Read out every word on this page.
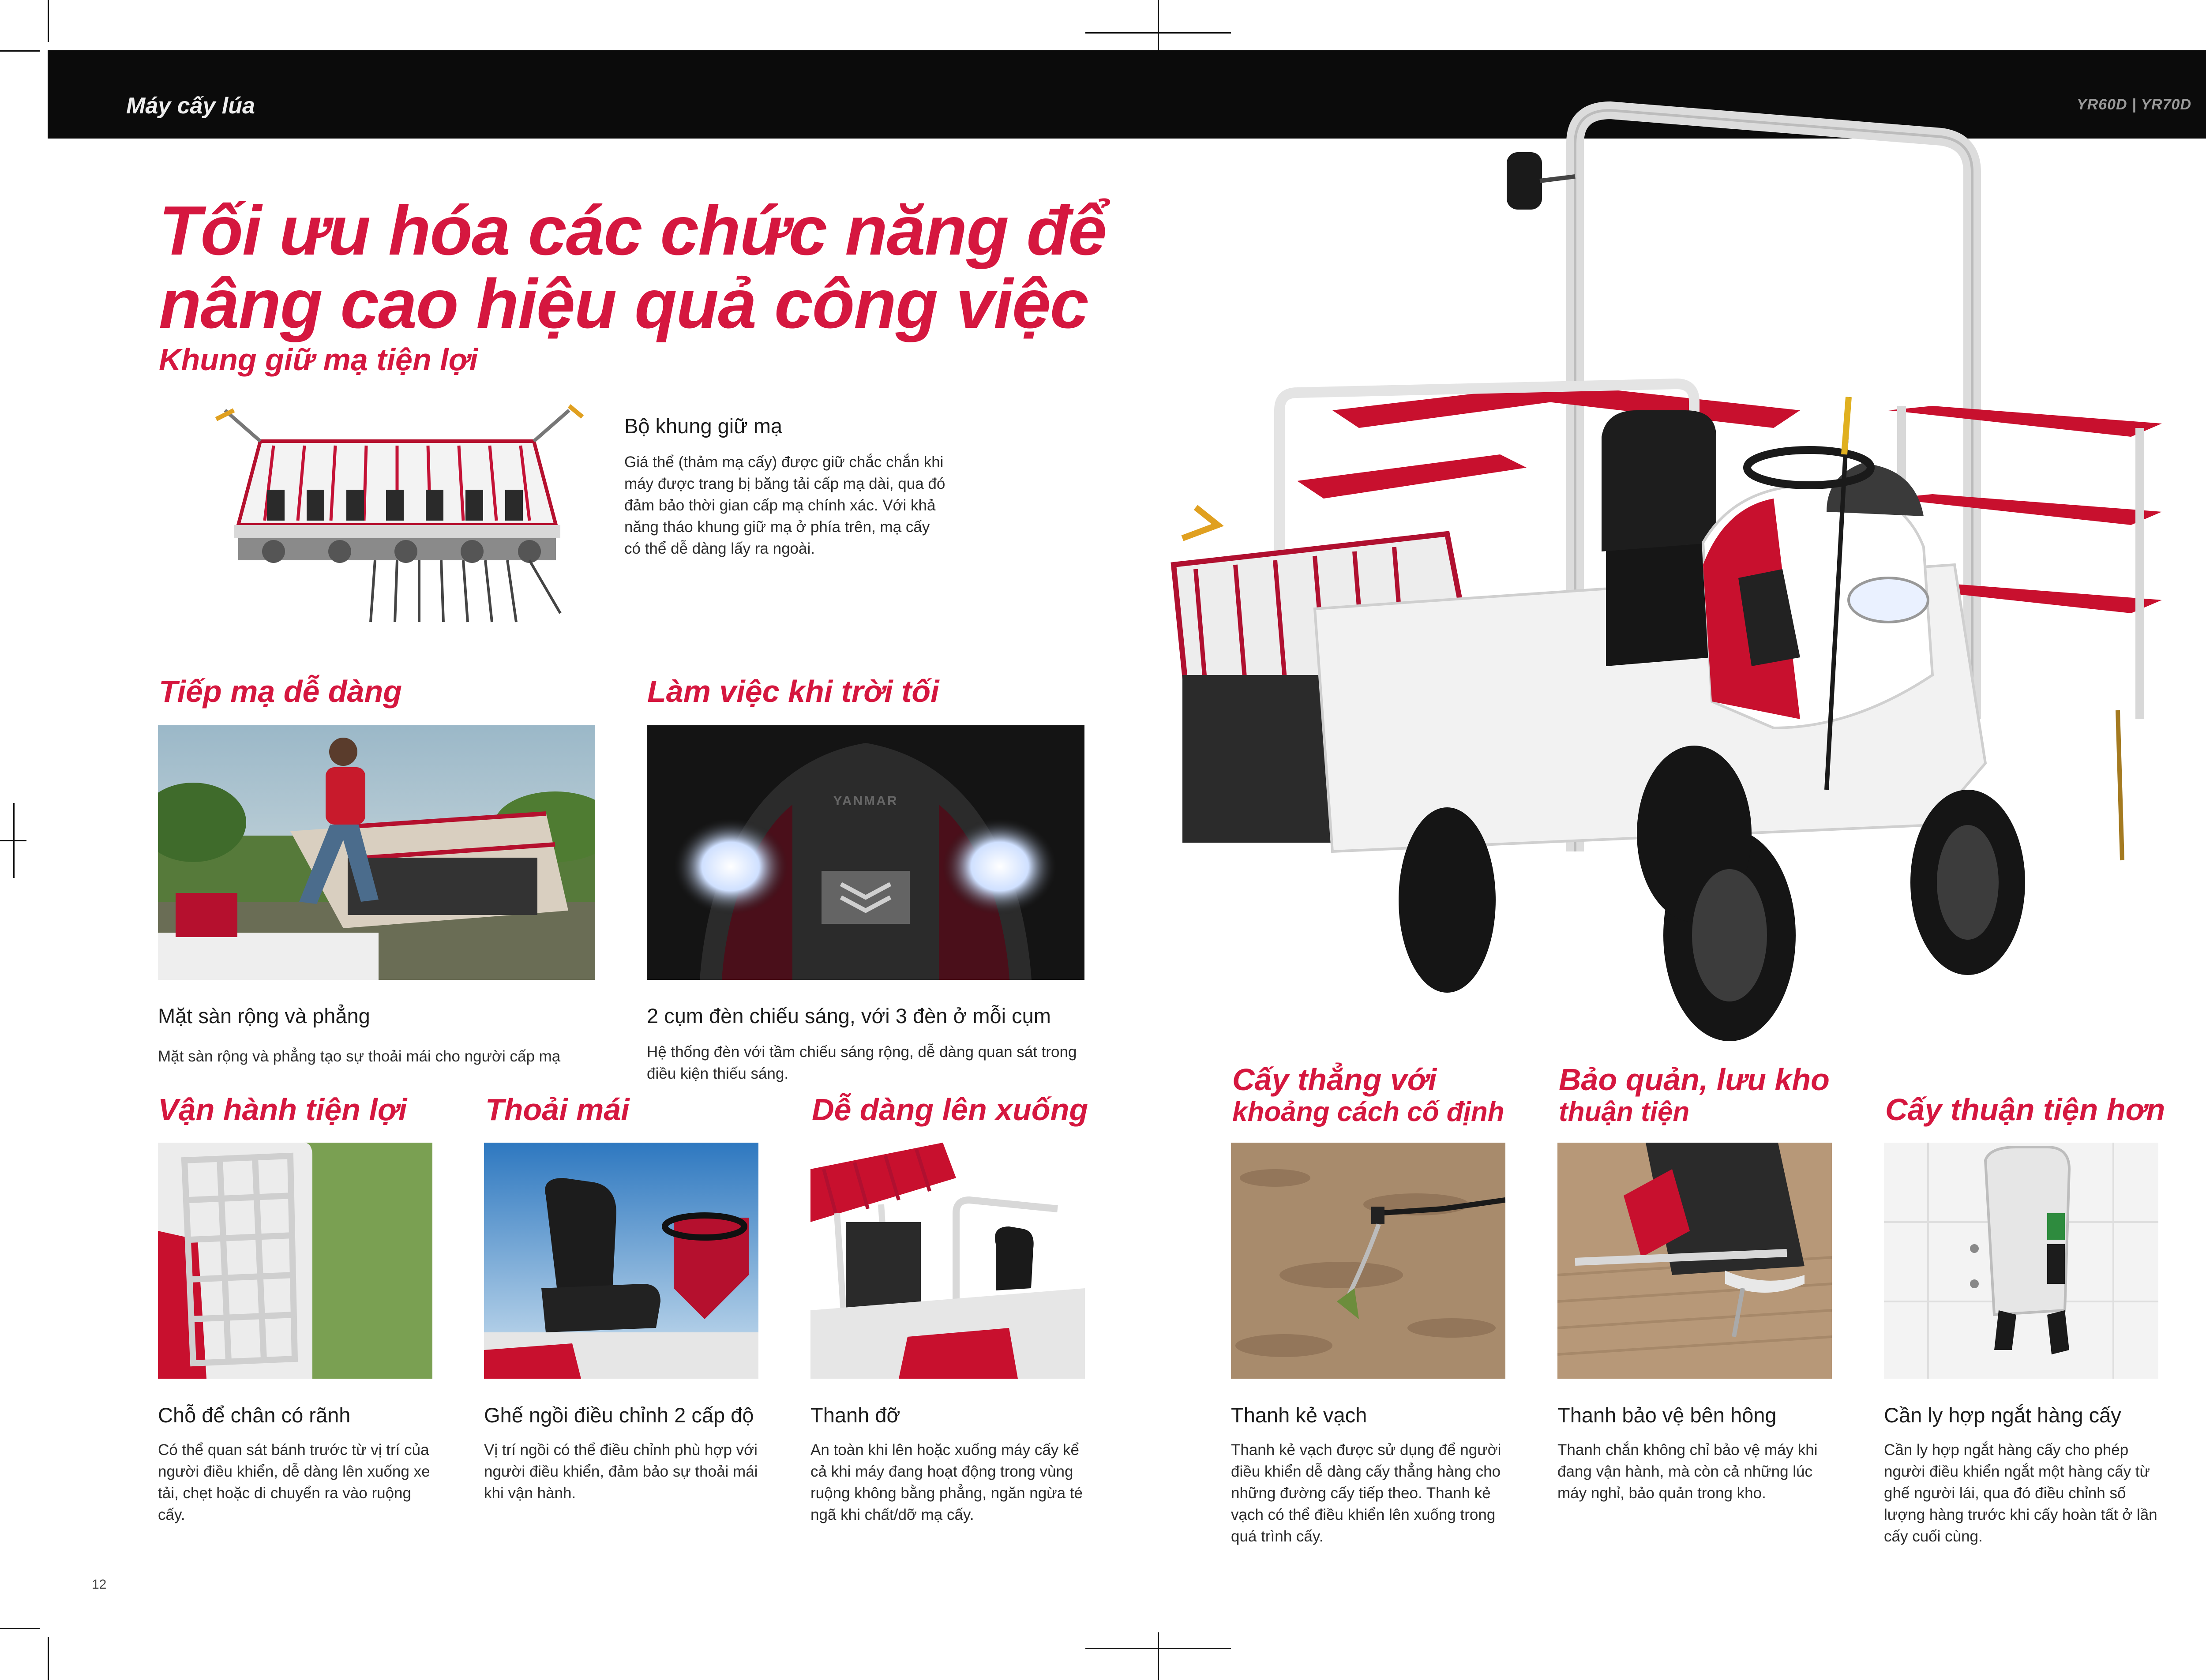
Máy cấy lúa	YR60D | YR70D
Tối ưu hóa các chức năng để
nâng cao hiệu quả công việc
Khung giữ mạ tiện lợi
Bộ khung giữ mạ
Giá thể (thảm mạ cấy) được giữ chắc chắn khi máy được trang bị băng tải cấp mạ dài, qua đó đảm bảo thời gian cấp mạ chính xác. Với khả năng tháo khung giữ mạ ở phía trên, mạ cấy có thể dễ dàng lấy ra ngoài.
Tiếp mạ dễ dàng
Mặt sàn rộng và phẳng
Mặt sàn rộng và phẳng tạo sự thoải mái cho người cấp mạ
Làm việc khi trời tối
YANMAR
2 cụm đèn chiếu sáng, với 3 đèn ở mỗi cụm
Hệ thống đèn với tầm chiếu sáng rộng, dễ dàng quan sát trong điều kiện thiếu sáng.
Vận hành tiện lợi
Chỗ để chân có rãnh
Có thể quan sát bánh trước từ vị trí của người điều khiển, dễ dàng lên xuống xe tải, chẹt hoặc di chuyển ra vào ruộng cấy.
Thoải mái
Ghế ngồi điều chỉnh 2 cấp độ
Vị trí ngồi có thể điều chỉnh phù hợp với người điều khiển, đảm bảo sự thoải mái khi vận hành.
Dễ dàng lên xuống
Thanh đỡ
An toàn khi lên hoặc xuống máy cấy kể cả khi máy đang hoạt động trong vùng ruộng không bằng phẳng, ngăn ngừa té ngã khi chất/dỡ mạ cấy.
Cấy thẳng với
khoảng cách cố định
Thanh kẻ vạch
Thanh kẻ vạch được sử dụng để người điều khiển dễ dàng cấy thẳng hàng cho những đường cấy tiếp theo. Thanh kẻ vạch có thể điều khiển lên xuống trong quá trình cấy.
Bảo quản, lưu kho
thuận tiện
Thanh bảo vệ bên hông
Thanh chắn không chỉ bảo vệ máy khi đang vận hành, mà còn cả những lúc máy nghỉ, bảo quản trong kho.
Cấy thuận tiện hơn
Cần ly hợp ngắt hàng cấy
Cần ly hợp ngắt hàng cấy cho phép người điều khiển ngắt một hàng cấy từ ghế người lái, qua đó điều chỉnh số lượng hàng trước khi cấy hoàn tất ở lần cấy cuối cùng.
12
